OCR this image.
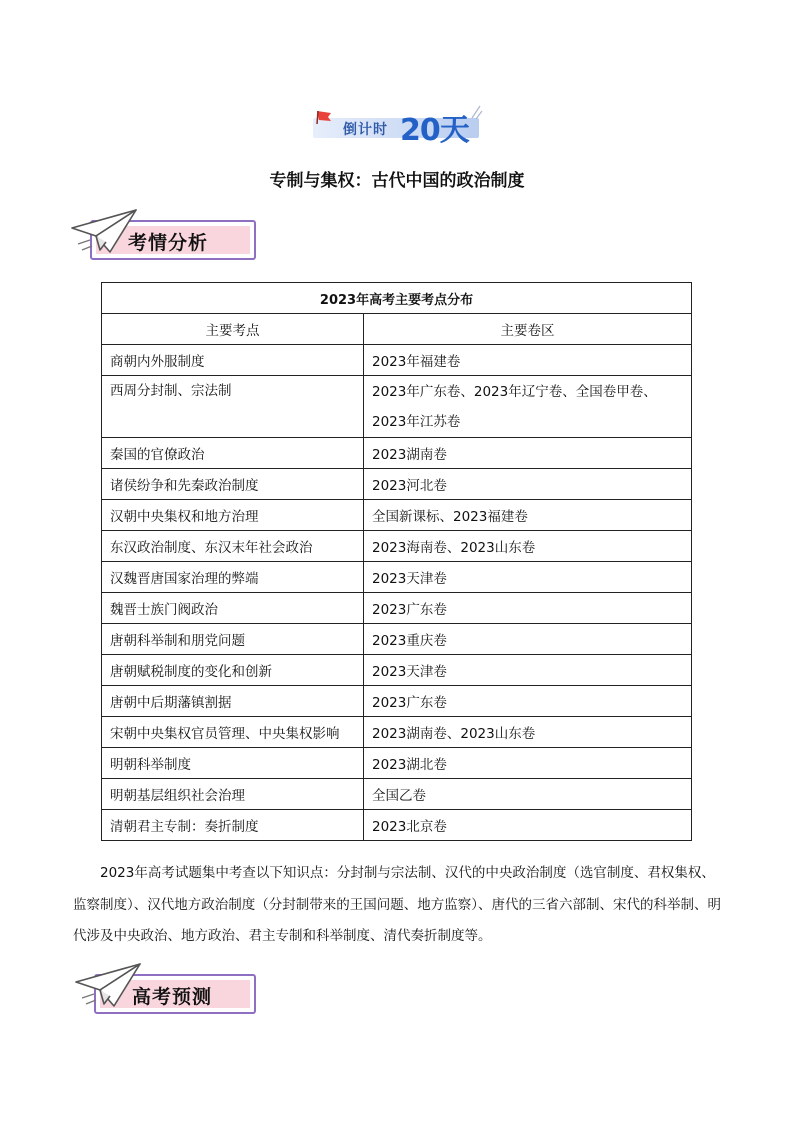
倒计时 20天
专制与集权：古代中国的政治制度
考情分析
2023年高考主要考点分布	
主要考点	主要卷区
商朝内外服制度	2023年福建卷
西周分封制、宗法制	2023年广东卷、2023年辽宁卷、全国卷甲卷、2023年江苏卷
秦国的官僚政治	2023湖南卷
诸侯纷争和先秦政治制度	2023河北卷
汉朝中央集权和地方治理	全国新课标、2023福建卷
东汉政治制度、东汉末年社会政治	2023海南卷、2023山东卷
汉魏晋唐国家治理的弊端	2023天津卷
魏晋士族门阀政治	2023广东卷
唐朝科举制和朋党问题	2023重庆卷
唐朝赋税制度的变化和创新	2023天津卷
唐朝中后期藩镇割据	2023广东卷
宋朝中央集权官员管理、中央集权影响	2023湖南卷、2023山东卷
明朝科举制度	2023湖北卷
明朝基层组织社会治理	全国乙卷
清朝君主专制：奏折制度	2023北京卷

2023年高考试题集中考查以下知识点：分封制与宗法制、汉代的中央政治制度（选官制度、君权集权、监察制度）、汉代地方政治制度（分封制带来的王国问题、地方监察）、唐代的三省六部制、宋代的科举制、明代涉及中央政治、地方政治、君主专制和科举制度、清代奏折制度等。

高考预测
